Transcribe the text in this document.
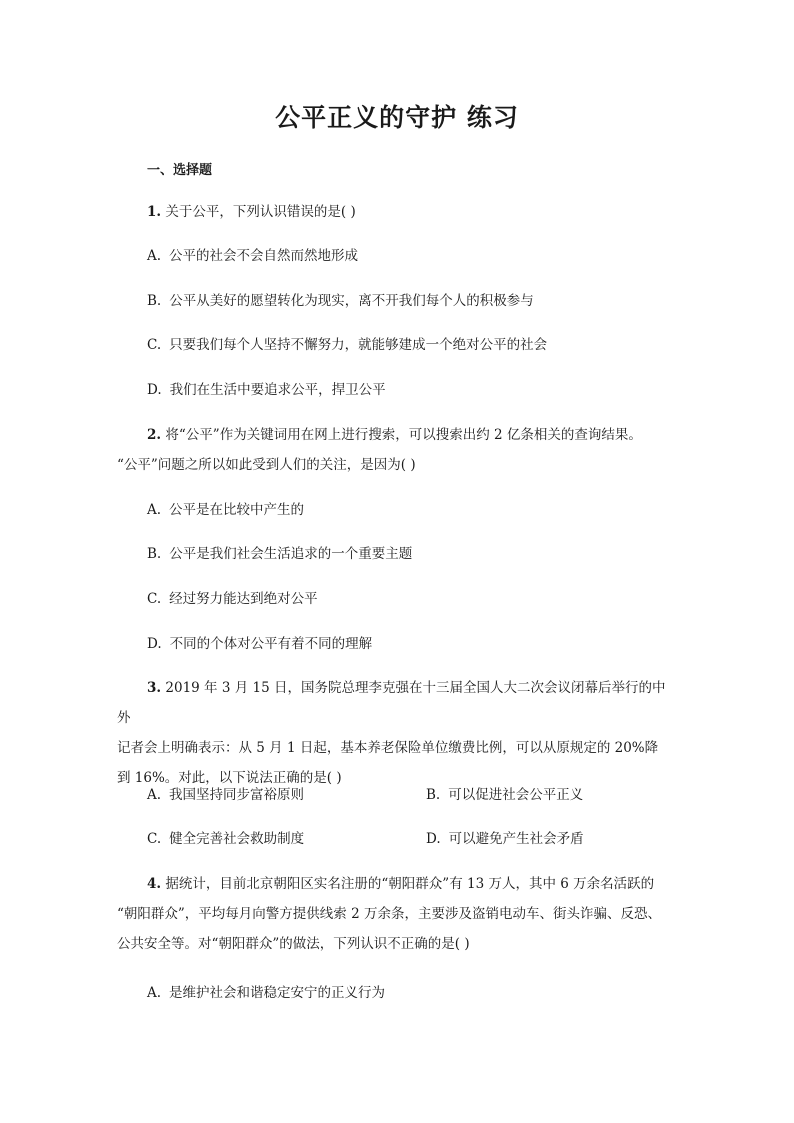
公平正义的守护 练习
一、选择题
1. 关于公平，下列认识错误的是( )
A. 公平的社会不会自然而然地形成
B. 公平从美好的愿望转化为现实，离不开我们每个人的积极参与
C. 只要我们每个人坚持不懈努力，就能够建成一个绝对公平的社会
D. 我们在生活中要追求公平，捍卫公平
2. 将“公平”作为关键词用在网上进行搜索，可以搜索出约 2 亿条相关的查询结果。
“公平”问题之所以如此受到人们的关注，是因为( )
A. 公平是在比较中产生的
B. 公平是我们社会生活追求的一个重要主题
C. 经过努力能达到绝对公平
D. 不同的个体对公平有着不同的理解
3. 2019 年 3 月 15 日，国务院总理李克强在十三届全国人大二次会议闭幕后举行的中外
记者会上明确表示：从 5 月 1 日起，基本养老保险单位缴费比例，可以从原规定的 20%降
到 16%。对此，以下说法正确的是( )
A. 我国坚持同步富裕原则	B. 可以促进社会公平正义
C. 健全完善社会救助制度	D. 可以避免产生社会矛盾
4. 据统计，目前北京朝阳区实名注册的“朝阳群众”有 13 万人，其中 6 万余名活跃的
“朝阳群众”，平均每月向警方提供线索 2 万余条，主要涉及盗销电动车、街头诈骗、反恐、
公共安全等。对“朝阳群众”的做法，下列认识不正确的是( )
A. 是维护社会和谐稳定安宁的正义行为
